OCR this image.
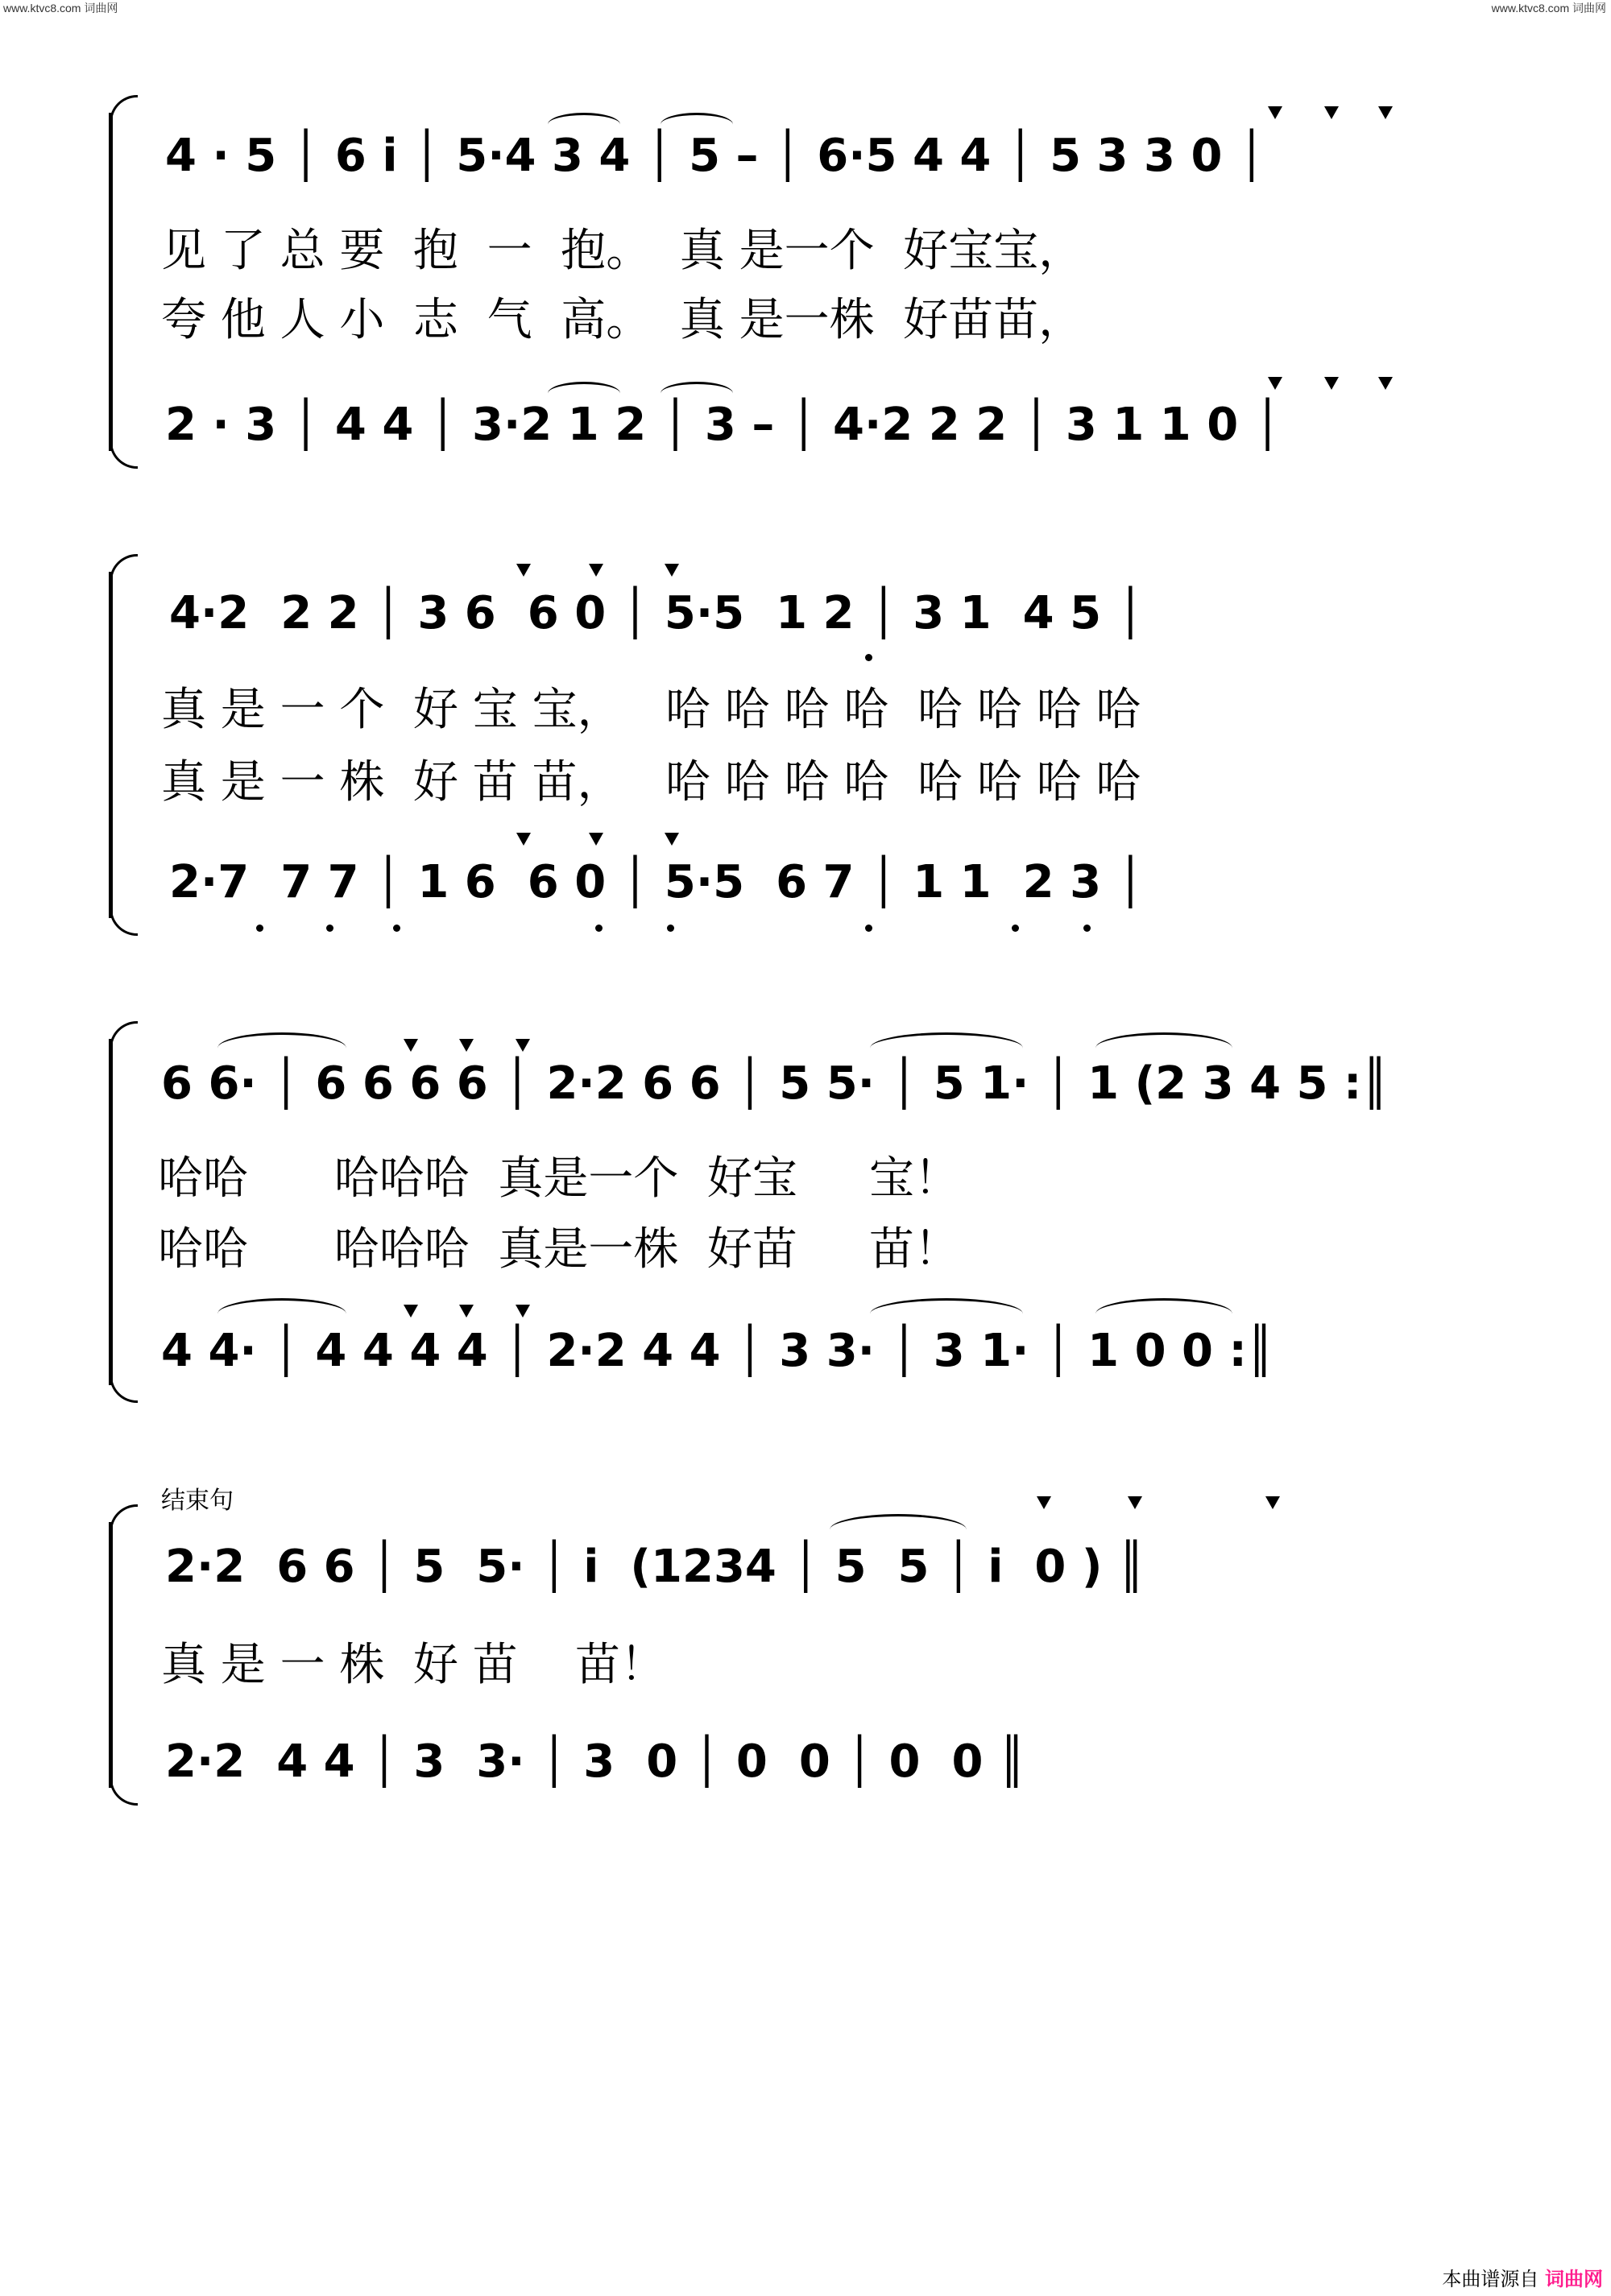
www.ktvc8.com 词曲网	www.ktvc8.com 词曲网
4 · 5 │ 6 i │ 5·4 3 4 │ 5 – │ 6·5 4 4 │ 5 3 3 0 │
见 了 总 要  抱  一  抱。  真 是一个  好宝宝，
夸 他 人 小  志  气  高。  真 是一株  好苗苗，
2 · 3 │ 4 4 │ 3·2 1 2 │ 3 – │ 4·2 2 2 │ 3 1 1 0 │
4·2  2 2 │ 3 6  6 0 │ 5·5  1 2 │ 3 1  4 5 │
真 是 一 个  好 宝 宝，   哈 哈 哈 哈  哈 哈 哈 哈
真 是 一 株  好 苗 苗，   哈 哈 哈 哈  哈 哈 哈 哈
2·7  7 7 │ 1 6  6 0 │ 5·5  6 7 │ 1 1  2 3 │
6 6· │ 6 6 6 6 │ 2·2 6 6 │ 5 5· │ 5 1· │ 1 (2 3 4 5 :║
哈哈      哈哈哈  真是一个  好宝     宝！
哈哈      哈哈哈  真是一株  好苗     苗！
4 4· │ 4 4 4 4 │ 2·2 4 4 │ 3 3· │ 3 1· │ 1 0 0 :║
结束句
2·2  6 6 │ 5  5· │ i  (1234 │ 5  5 │ i  0 ) ║
真 是 一 株  好 苗    苗！
2·2  4 4 │ 3  3· │ 3  0 │ 0  0 │ 0  0 ║
本曲谱源自 词曲网
